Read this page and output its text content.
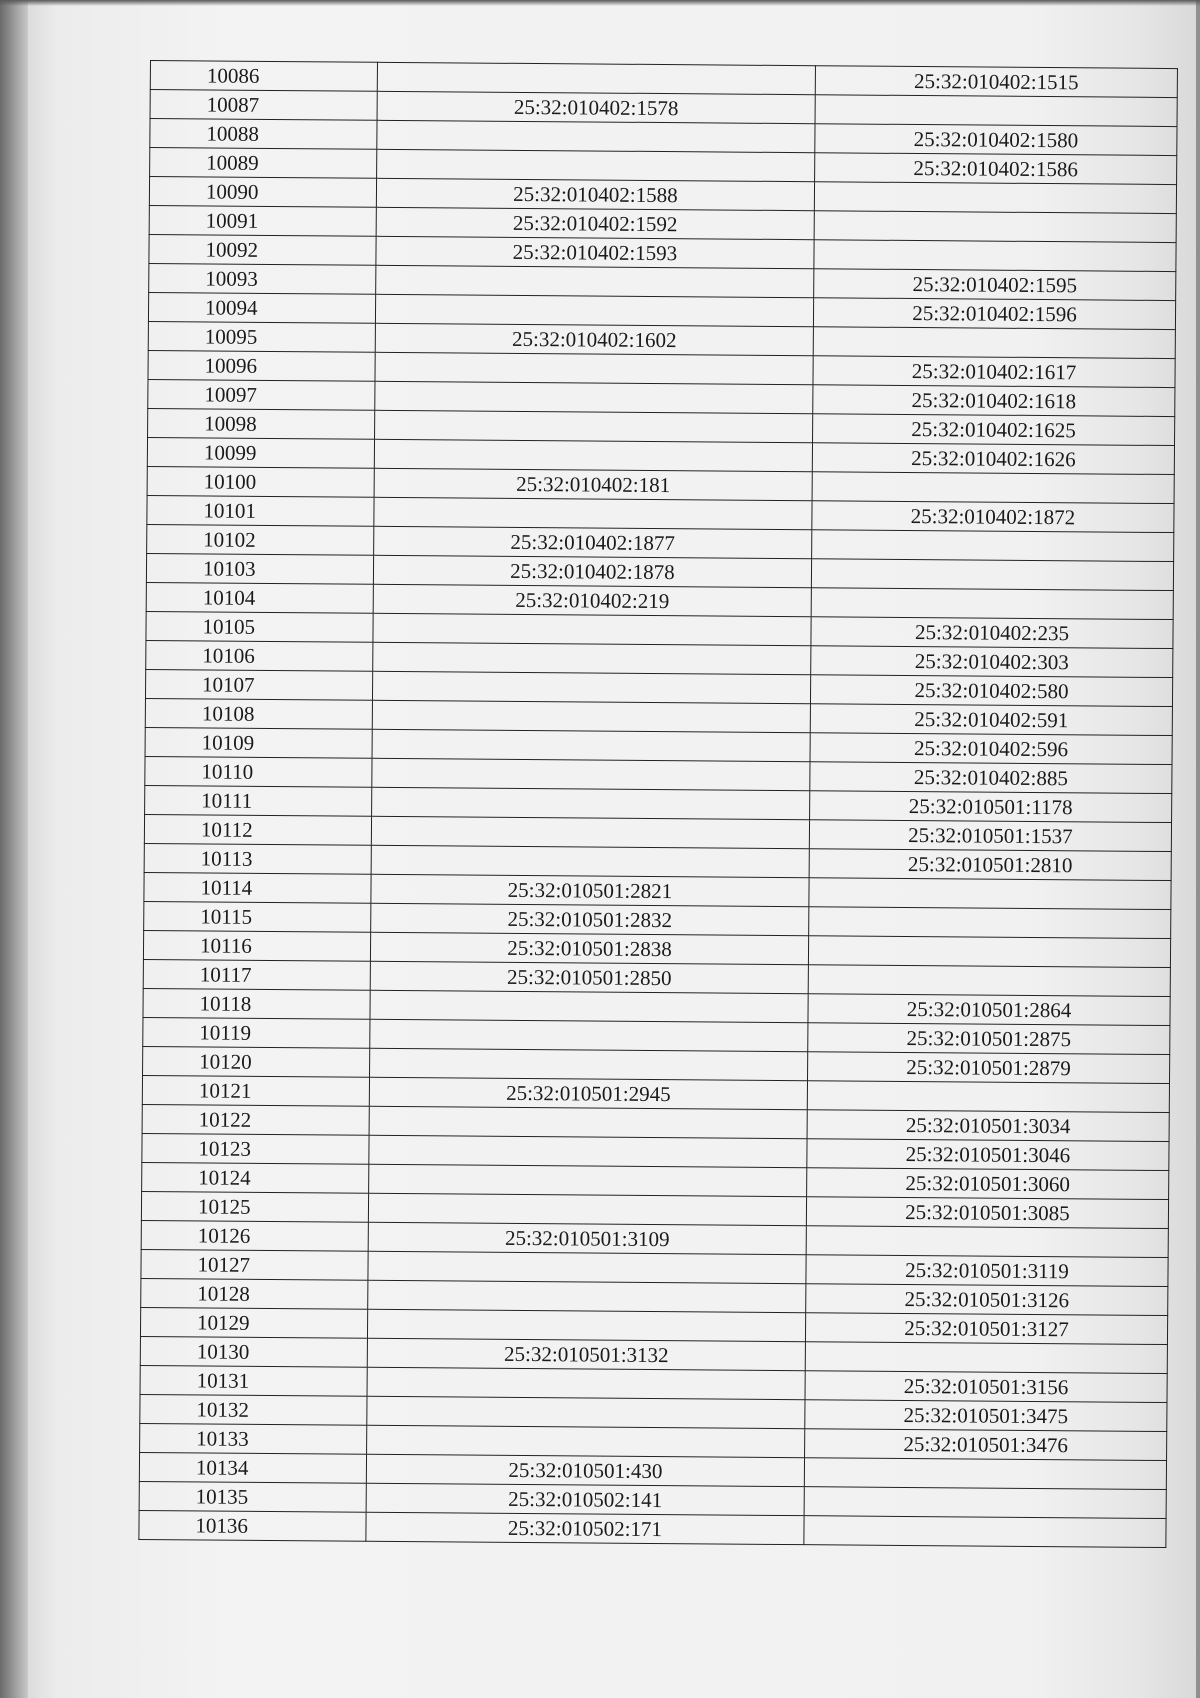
10086		25:32:010402:1515
10087	25:32:010402:1578	
10088		25:32:010402:1580
10089		25:32:010402:1586
10090	25:32:010402:1588	
10091	25:32:010402:1592	
10092	25:32:010402:1593	
10093		25:32:010402:1595
10094		25:32:010402:1596
10095	25:32:010402:1602	
10096		25:32:010402:1617
10097		25:32:010402:1618
10098		25:32:010402:1625
10099		25:32:010402:1626
10100	25:32:010402:181	
10101		25:32:010402:1872
10102	25:32:010402:1877	
10103	25:32:010402:1878	
10104	25:32:010402:219	
10105		25:32:010402:235
10106		25:32:010402:303
10107		25:32:010402:580
10108		25:32:010402:591
10109		25:32:010402:596
10110		25:32:010402:885
10111		25:32:010501:1178
10112		25:32:010501:1537
10113		25:32:010501:2810
10114	25:32:010501:2821	
10115	25:32:010501:2832	
10116	25:32:010501:2838	
10117	25:32:010501:2850	
10118		25:32:010501:2864
10119		25:32:010501:2875
10120		25:32:010501:2879
10121	25:32:010501:2945	
10122		25:32:010501:3034
10123		25:32:010501:3046
10124		25:32:010501:3060
10125		25:32:010501:3085
10126	25:32:010501:3109	
10127		25:32:010501:3119
10128		25:32:010501:3126
10129		25:32:010501:3127
10130	25:32:010501:3132	
10131		25:32:010501:3156
10132		25:32:010501:3475
10133		25:32:010501:3476
10134	25:32:010501:430	
10135	25:32:010502:141	
10136	25:32:010502:171	
